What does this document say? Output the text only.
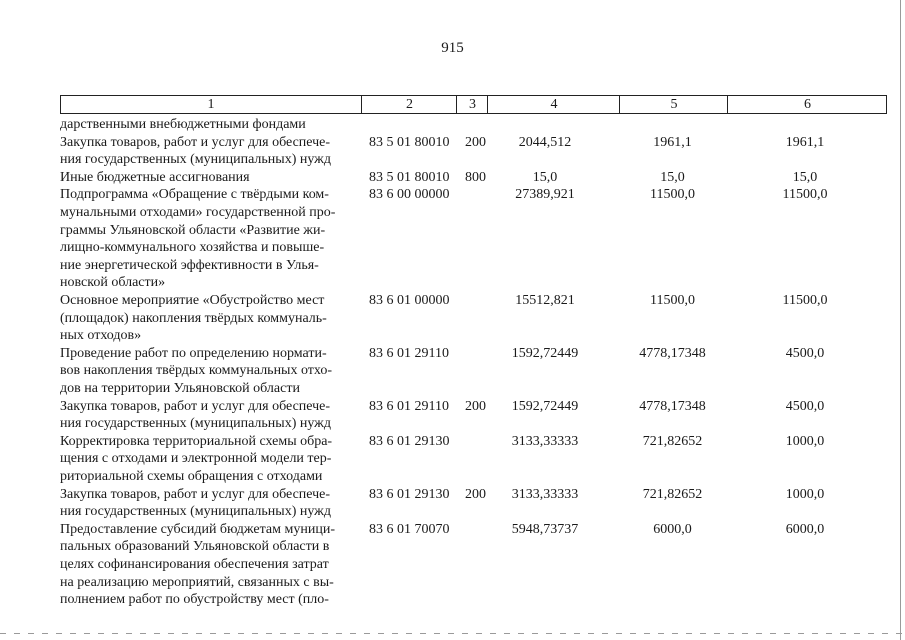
915
1	2	3	4	5	6
дарственными внебюджетными фондами
Закупка товаров, работ и услуг для обеспече-
ния государственных (муниципальных) нужд
83 5 01 80010 200	2044,512	1961,1	1961,1
Иные бюджетные ассигнования	83 5 01 80010 800	15,0	15,0	15,0
Подпрограмма «Обращение с твёрдыми ком-
мунальными отходами» государственной про-
граммы Ульяновской области «Развитие жи-
лищно-коммунального хозяйства и повыше-
ние энергетической эффективности в Улья-
новской области»
83 6 00 00000	27389,921	11500,0	11500,0
Основное мероприятие «Обустройство мест
(площадок) накопления твёрдых коммуналь-
ных отходов»
83 6 01 00000	15512,821	11500,0	11500,0
Проведение работ по определению нормати-
вов накопления твёрдых коммунальных отхо-
дов на территории Ульяновской области
83 6 01 29110	1592,72449	4778,17348	4500,0
Закупка товаров, работ и услуг для обеспече-
ния государственных (муниципальных) нужд
83 6 01 29110 200	1592,72449	4778,17348	4500,0
Корректировка территориальной схемы обра-
щения с отходами и электронной модели тер-
риториальной схемы обращения с отходами
83 6 01 29130	3133,33333	721,82652	1000,0
Закупка товаров, работ и услуг для обеспече-
ния государственных (муниципальных) нужд
83 6 01 29130 200	3133,33333	721,82652	1000,0
Предоставление субсидий бюджетам муници-
пальных образований Ульяновской области в
целях софинансирования обеспечения затрат
на реализацию мероприятий, связанных с вы-
полнением работ по обустройству мест (пло-
83 6 01 70070	5948,73737	6000,0	6000,0
